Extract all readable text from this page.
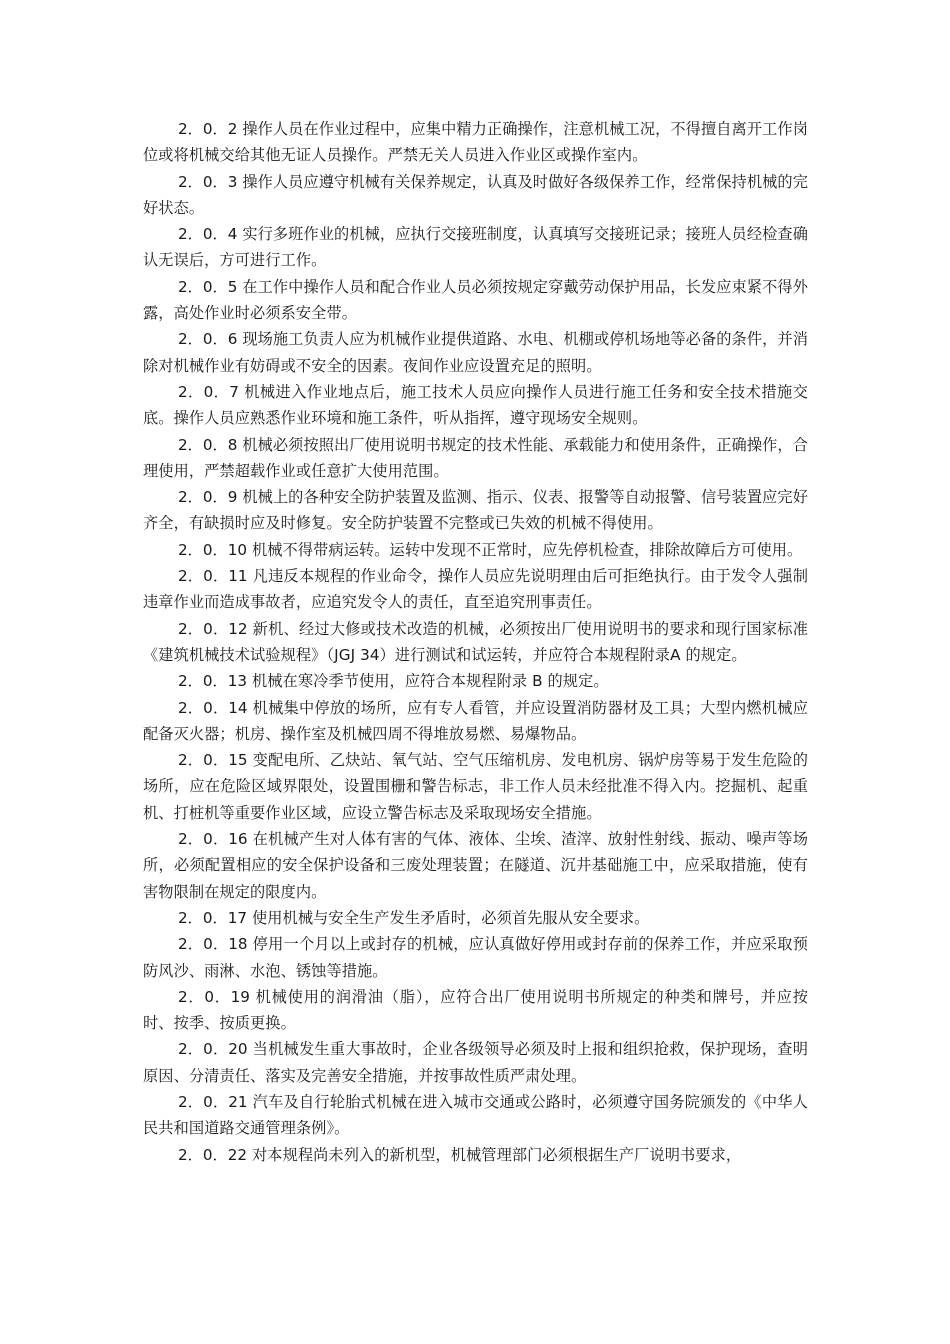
2．0．2 操作人员在作业过程中，应集中精力正确操作，注意机械工况，不得擅自离开工作岗位或将机械交给其他无证人员操作。严禁无关人员进入作业区或操作室内。

2．0．3 操作人员应遵守机械有关保养规定，认真及时做好各级保养工作，经常保持机械的完好状态。

2．0．4 实行多班作业的机械，应执行交接班制度，认真填写交接班记录；接班人员经检查确认无误后，方可进行工作。

2．0．5 在工作中操作人员和配合作业人员必须按规定穿戴劳动保护用品，长发应束紧不得外露，高处作业时必须系安全带。

2．0．6 现场施工负责人应为机械作业提供道路、水电、机棚或停机场地等必备的条件，并消除对机械作业有妨碍或不安全的因素。夜间作业应设置充足的照明。

2．0．7 机械进入作业地点后，施工技术人员应向操作人员进行施工任务和安全技术措施交底。操作人员应熟悉作业环境和施工条件，听从指挥，遵守现场安全规则。

2．0．8 机械必须按照出厂使用说明书规定的技术性能、承载能力和使用条件，正确操作，合理使用，严禁超载作业或任意扩大使用范围。

2．0．9 机械上的各种安全防护装置及监测、指示、仪表、报警等自动报警、信号装置应完好齐全，有缺损时应及时修复。安全防护装置不完整或已失效的机械不得使用。

2．0．10 机械不得带病运转。运转中发现不正常时，应先停机检查，排除故障后方可使用。

2．0．11 凡违反本规程的作业命令，操作人员应先说明理由后可拒绝执行。由于发令人强制违章作业而造成事故者，应追究发令人的责任，直至追究刑事责任。

2．0．12 新机、经过大修或技术改造的机械，必须按出厂使用说明书的要求和现行国家标准《建筑机械技术试验规程》（JGJ 34）进行测试和试运转，并应符合本规程附录A 的规定。

2．0．13 机械在寒冷季节使用，应符合本规程附录 B 的规定。

2．0．14 机械集中停放的场所，应有专人看管，并应设置消防器材及工具；大型内燃机械应配备灭火器；机房、操作室及机械四周不得堆放易燃、易爆物品。

2．0．15 变配电所、乙炔站、氧气站、空气压缩机房、发电机房、锅炉房等易于发生危险的场所，应在危险区域界限处，设置围栅和警告标志，非工作人员未经批准不得入内。挖掘机、起重机、打桩机等重要作业区域，应设立警告标志及采取现场安全措施。

2．0．16 在机械产生对人体有害的气体、液体、尘埃、渣滓、放射性射线、振动、噪声等场所，必须配置相应的安全保护设备和三废处理装置；在隧道、沉井基础施工中，应采取措施，使有害物限制在规定的限度内。

2．0．17 使用机械与安全生产发生矛盾时，必须首先服从安全要求。

2．0．18 停用一个月以上或封存的机械，应认真做好停用或封存前的保养工作，并应采取预防风沙、雨淋、水泡、锈蚀等措施。

2．0．19 机械使用的润滑油（脂），应符合出厂使用说明书所规定的种类和牌号，并应按时、按季、按质更换。

2．0．20 当机械发生重大事故时，企业各级领导必须及时上报和组织抢救，保护现场，查明原因、分清责任、落实及完善安全措施，并按事故性质严肃处理。

2．0．21 汽车及自行轮胎式机械在进入城市交通或公路时，必须遵守国务院颁发的《中华人民共和国道路交通管理条例》。

2．0．22 对本规程尚未列入的新机型，机械管理部门必须根据生产厂说明书要求，
